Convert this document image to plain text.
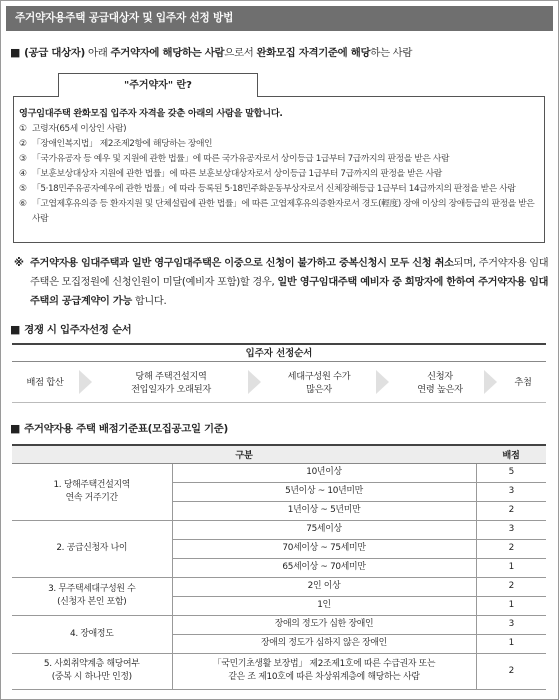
주거약자용주택 공급대상자 및 입주자 선정 방법
■ (공급 대상자) 아래 주거약자에 해당하는 사람으로서 완화모집 자격기준에 해당하는 사람
"주거약자" 란?
영구임대주택 완화모집 입주자 자격을 갖춘 아래의 사람을 말합니다.
① 고령자(65세 이상인 사람)
② 「장애인복지법」 제2조제2항에 해당하는 장애인
③ 「국가유공자 등 예우 및 지원에 관한 법률」에 따른 국가유공자로서 상이등급 1급부터 7급까지의 판정을 받은 사람
④ 「보훈보상대상자 지원에 관한 법률」에 따른 보훈보상대상자로서 상이등급 1급부터 7급까지의 판정을 받은 사람
⑤ 「5·18민주유공자예우에 관한 법률」에 따라 등록된 5·18민주화운동부상자로서 신체장해등급 1급부터 14급까지의 판정을 받은 사람
⑥ 「고엽제후유의증 등 환자지원 및 단체설립에 관한 법률」에 따른 고엽제후유의증환자로서 경도(輕度) 장애 이상의 장애등급의 판정을 받은 사람
※ 주거약자용 임대주택과 일반 영구임대주택은 이중으로 신청이 불가하고 중복신청시 모두 신청 취소되며, 주거약자용 임대주택은 모집정원에 신청인원이 미달(예비자 포함)할 경우, 일반 영구임대주택 예비자 중 희망자에 한하여 주거약자용 임대주택의 공급계약이 가능 합니다.
■ 경쟁 시 입주자선정 순서
입주자 선정순서
배점 합산
당해 주택건설지역
전입일자가 오래된자
세대구성원 수가
많은자
신청자
연령 높은자
추첨
■ 주거약자용 주택 배점기준표(모집공고일 기준)
구분		배점
1. 당해주택건설지역
연속 거주기간	10년이상	5
	5년이상 ~ 10년미만	3
	1년이상 ~ 5년미만	2
2. 공급신청자 나이	75세이상	3
	70세이상 ~ 75세미만	2
	65세이상 ~ 70세미만	1
3. 무주택세대구성원 수
(신청자 본인 포함)	2인 이상	2
	1인	1
4. 장애정도	장애의 정도가 심한 장애인	3
	장애의 정도가 심하지 않은 장애인	1
5. 사회취약계층 해당여부
(중복 시 하나만 인정)	「국민기초생활 보장법」 제2조제1호에 따른 수급권자 또는
같은 조 제10호에 따른 차상위계층에 해당하는 사람	2
